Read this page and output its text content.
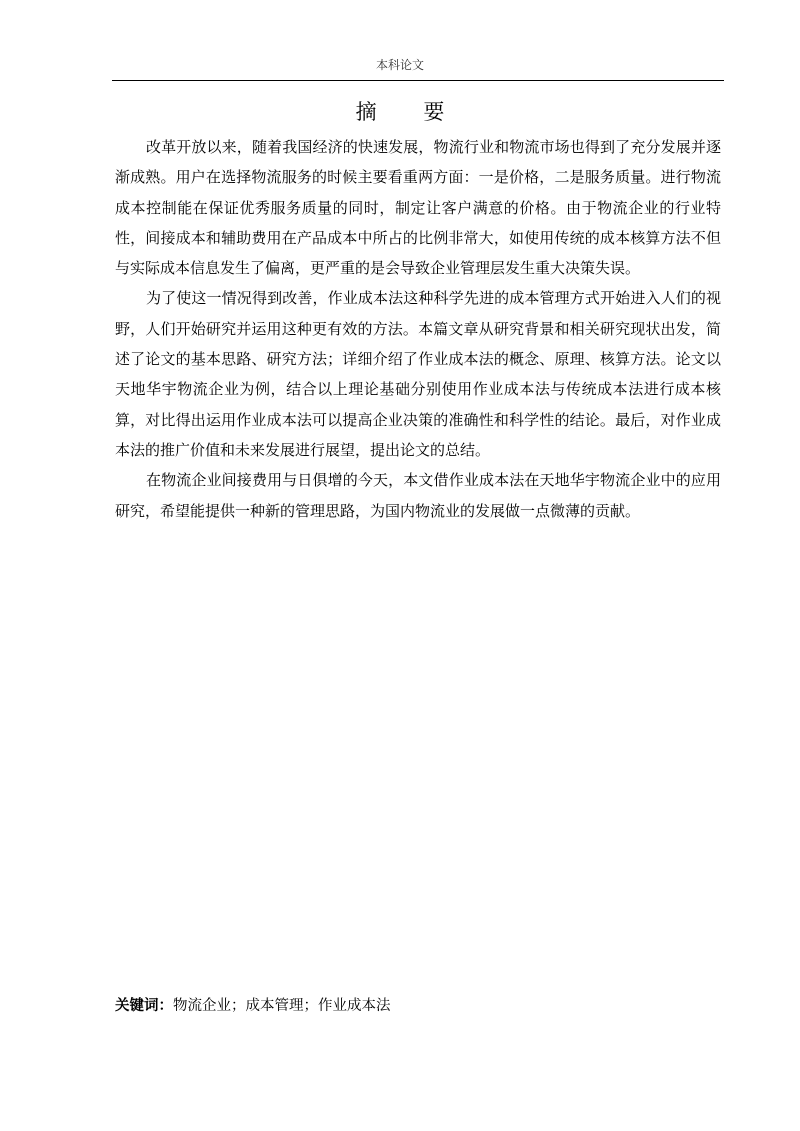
本科论文
摘 要

改革开放以来，随着我国经济的快速发展，物流行业和物流市场也得到了充分发展并逐渐成熟。用户在选择物流服务的时候主要看重两方面：一是价格，二是服务质量。进行物流成本控制能在保证优秀服务质量的同时，制定让客户满意的价格。由于物流企业的行业特性，间接成本和辅助费用在产品成本中所占的比例非常大，如使用传统的成本核算方法不但与实际成本信息发生了偏离，更严重的是会导致企业管理层发生重大决策失误。

为了使这一情况得到改善，作业成本法这种科学先进的成本管理方式开始进入人们的视野，人们开始研究并运用这种更有效的方法。本篇文章从研究背景和相关研究现状出发，简述了论文的基本思路、研究方法；详细介绍了作业成本法的概念、原理、核算方法。论文以天地华宇物流企业为例，结合以上理论基础分别使用作业成本法与传统成本法进行成本核算，对比得出运用作业成本法可以提高企业决策的准确性和科学性的结论。最后，对作业成本法的推广价值和未来发展进行展望，提出论文的总结。

在物流企业间接费用与日俱增的今天，本文借作业成本法在天地华宇物流企业中的应用研究，希望能提供一种新的管理思路，为国内物流业的发展做一点微薄的贡献。

关键词：物流企业；成本管理；作业成本法
